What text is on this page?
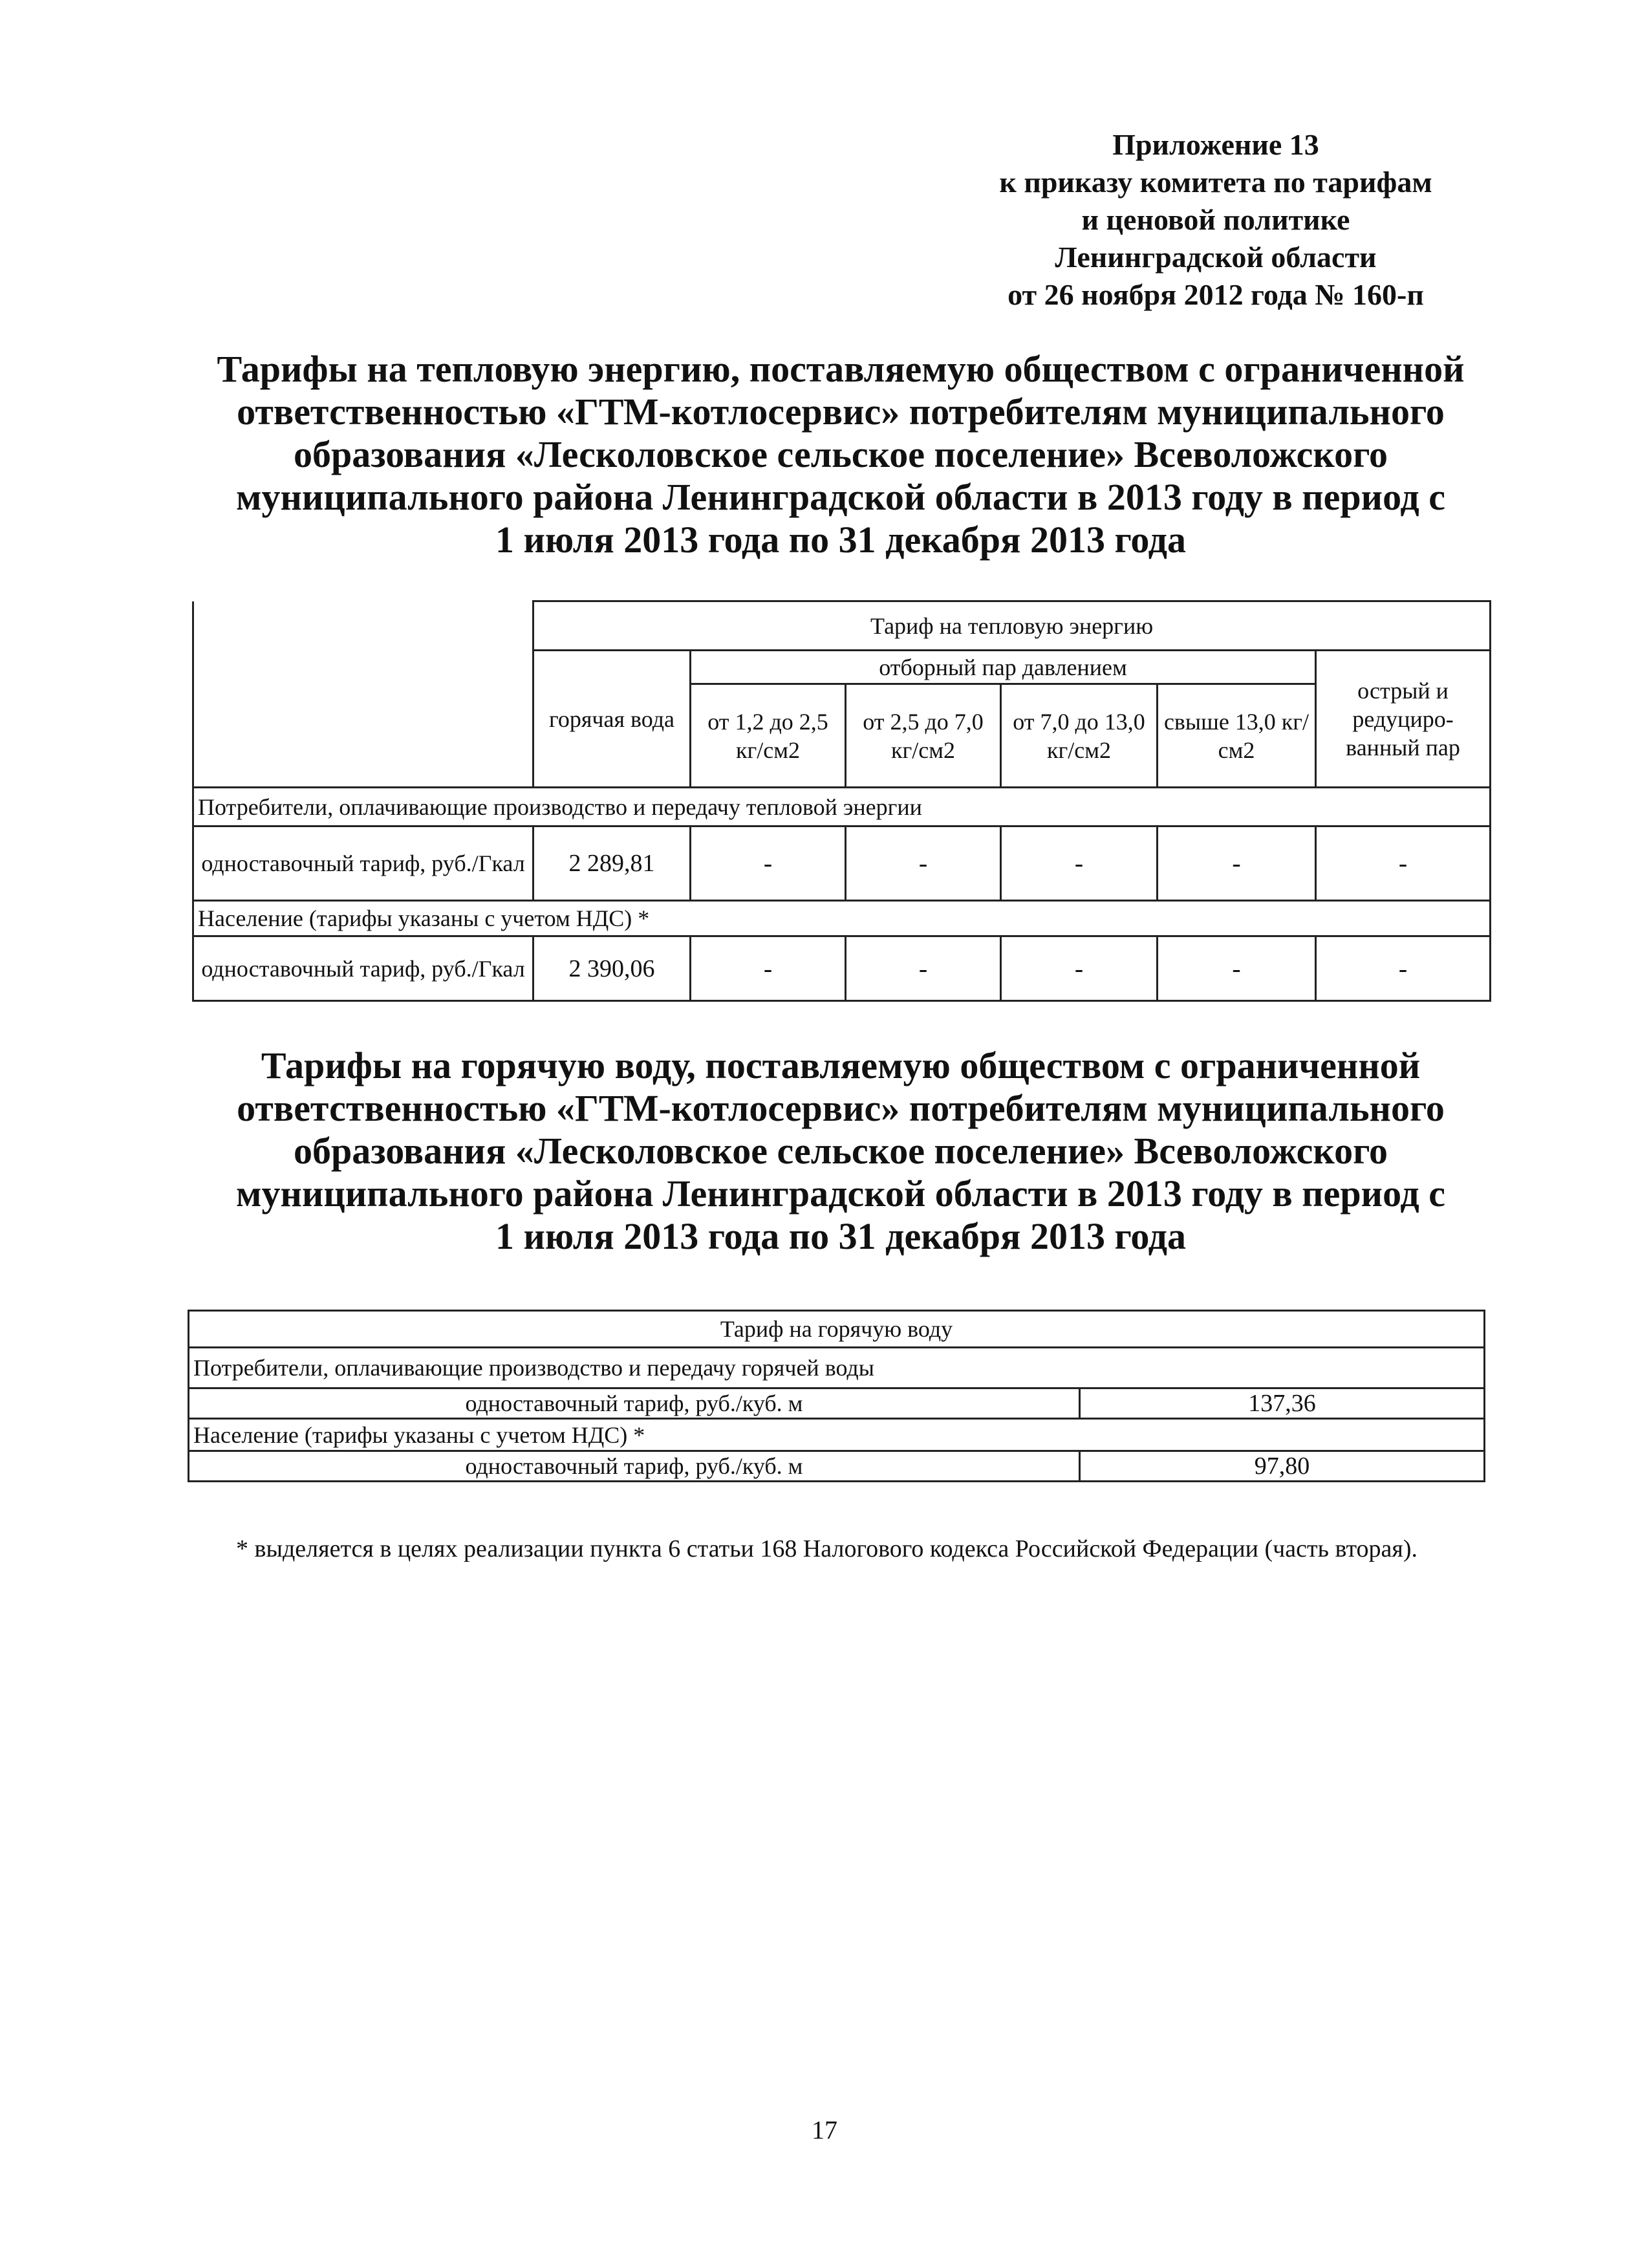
Приложение 13
к приказу комитета по тарифам
и ценовой политике
Ленинградской области
от 26 ноября 2012 года № 160-п
Тарифы на тепловую энергию, поставляемую обществом с ограниченной
ответственностью «ГТМ-котлосервис» потребителям муниципального
образования «Лесколовское сельское поселение» Всеволожского
муниципального района Ленинградской области в 2013 году в период с
1 июля 2013 года по 31 декабря 2013 года
	Тариф на тепловую энергию					
	горячая вода	отборный пар давлением				острый и редуциро-ванный пар
		от 1,2 до 2,5 кг/см2	от 2,5 до 7,0 кг/см2	от 7,0 до 13,0 кг/см2	свыше 13,0 кг/см2	
Потребители, оплачивающие производство и передачу тепловой энергии						
одноставочный тариф, руб./Гкал	2 289,81	-	-	-	-	-
Население (тарифы указаны с учетом НДС) *						
одноставочный тариф, руб./Гкал	2 390,06	-	-	-	-	-
Тарифы на горячую воду, поставляемую обществом с ограниченной
ответственностью «ГТМ-котлосервис» потребителям муниципального
образования «Лесколовское сельское поселение» Всеволожского
муниципального района Ленинградской области в 2013 году в период с
1 июля 2013 года по 31 декабря 2013 года
Тариф на горячую воду	
Потребители, оплачивающие производство и передачу горячей воды	
одноставочный тариф, руб./куб. м	137,36
Население (тарифы указаны с учетом НДС) *	
одноставочный тариф, руб./куб. м	97,80
* выделяется в целях реализации пункта 6 статьи 168 Налогового кодекса Российской Федерации (часть вторая).
17
